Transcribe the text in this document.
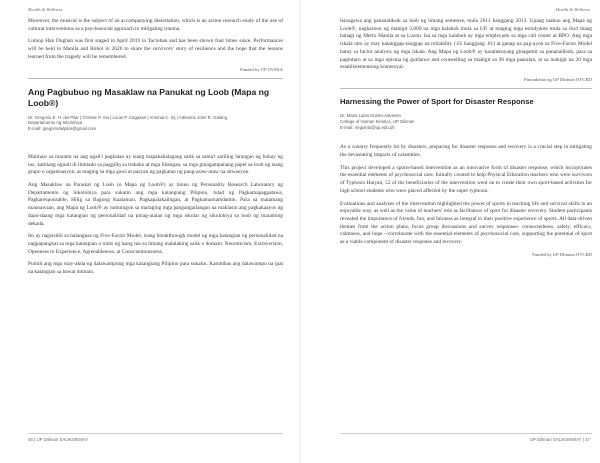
Health & Wellness

Moreover, the musical is the subject of an accompanying dissertation, which is an action research study of the use of cultural interventions as a psychosocial approach to mitigating trauma.

Lumop Han Dughan was first staged in April 2019 in Tacloban and has been shown four times since. Performances will be held in Manila and Bohol in 2020 to share the survivors' story of resilience and the hope that the lessons learned from the tragedy will be remembered.

Funded by UP OVPAA
Ang Pagbubuo ng Masaklaw na Panukat ng Loob (Mapa ng Loob®)
Dr. Gregorio E. H. del Pilar | Christie P. Sio | Louie P. Cagasan | Antonia C. Sij | Adrianne John R. Galang
Departamento ng Sikolohiya
E-mail: gregoriodelpilar@gmail.com

Malinaw sa marami na ang ugali't pagkatao ay isang mapakahalagang salik sa sama't sariling larangan ng buhay ng tao, kabilang ngunit di limitado sa paggiliŋ sa trabaho at mga libangan, sa mga ginagampanang papel sa loob ng isang grupo o organisasyon, at maging sa mga gawi at pasyan ng pagkatao ng pang-araw-araw na sitwasyon.

Ang Masaklaw na Panukat ng Loob (o Mapa ng Loob®) ay binuo ng Personality Research Laboratory ng Departamento ng Sikolohiya para sukatin ang mga katangiang Pilipino, tulad ng Pagkamapagpatawa, Pagkaresponsable, Hilig sa Bagong Kaalaman, Pagkapalakaibigan, at Pagkamamamdamin. Para sa matamang maunawaan, ang Mapa ng Loob® ay tumutugon sa maraging mga pangangailangan na maklasin ang pagkakaayos ng daan-daang mga katangian ng personalidad na pinag-aralan ng mga iskolar ng sikolohiya sa loob ng maraming dekada.

Ito ay nagsisilbi sa balangkas ng Five-Factor Model, isang breakthrough model ng mga katangian ng personalidad na nagpapangkat sa mga katangian o traits ng isang tao sa limang malalaking salik o domain: Neuroticism, Extraversion, Openness to Experience, Agreeableness, at Conscientiousness.

Pumili ang mga may-akda ng dalawampung mga katangiang Pilipino para sukatin. Katumbas ang dalawampu na ipat na katangian sa bawat domain.

46 | UP Diliman SALIKSIKMAY
Health & Wellness

Isinagawa ang pananaliksik sa loob ng limang semestre, mula 2011 hanggang 2013. Upang mabuo ang Mapa ng Loob®, nagkaroon ng mahigit 3,000 na mga kalahok mula sa UP, at maging mga estudyante mula sa iba't ibang bahagi ng Metro Manila at sa Luzon. Isa sa mga kalahok ay mga empleyado sa mga call center at BPO. Ang mga iskala nito ay may katanggap-tanggap na reliability (.65 hanggang .81) at ganap na pag-ayon sa Five-Factor Model batay sa factor analysis ng mga iskala. Ang Mapa ng Loob® ay kasalukuyang ginagamit sa pananaliksik, para sa pagtuturo at sa mga opisina ng guidance and counselling sa mahigit sa 30 mga paaralan, at sa mahigit na 20 mga establisiementong komersyal.

Pinondohan ng UP Diliman OVCRD
Harnessing the Power of Sport for Disaster Response
Dr. Maria Luisa Guinto-Adviento
College of Human Kinetics, UP Diliman
E-mail: mrguinto@up.edu.ph

As a country frequently hit by disasters, preparing for disaster response and recovery is a crucial step in mitigating the devastating impacts of calamities.

This project developed a sports-based intervention as an innovative form of disaster response, which incorporates the essential elements of psychosocial care. Initially created to help Physical Education teachers who were survivors of Typhoon Haiyan, 52 of the beneficiaries of the intervention went on to create their own sport-based activities for high school students who were placed affected by the super typhoon.

Evaluations and analyses of the intervention highlighted the power of sports in teaching life and survival skills in an enjoyable way, as well as the value of teachers' role as facilitators of sport for disaster recovery. Student participants revealed the importance of friends, fun, and fairness as integral to their positive experience of sports. All data-driven themes from the action plans, focus group discussions and survey responses- connectedness, safety, efficacy, calmness, and hope --corroborate with the essential elements of psychosocial care, supporting the potential of sport as a viable component of disaster response and recovery.

Funded by UP Diliman OVCRD
UP Diliman SALIKSIKMAY | 47
